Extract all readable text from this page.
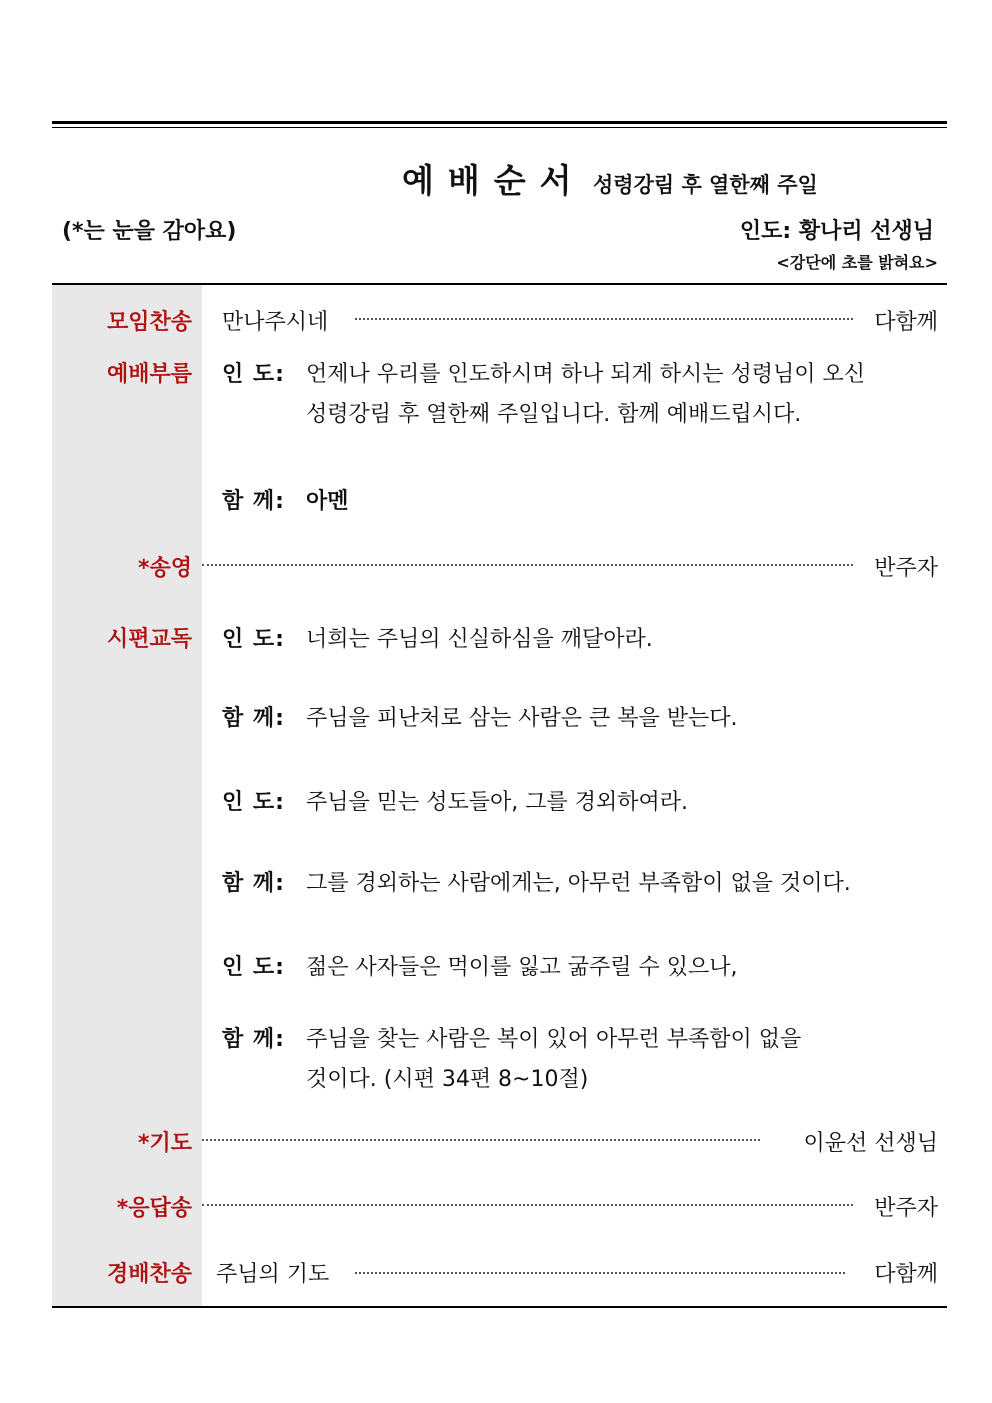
예배순서 성령강림 후 열한째 주일
(*는 눈을 감아요)	인도: 황나리 선생님
<강단에 초를 밝혀요>
모임찬송 만나주시네	다함께
예배부름 인 도: 언제나 우리를 인도하시며 하나 되게 하시는 성령님이 오신
성령강림 후 열한째 주일입니다. 함께 예배드립시다.
함 께: 아멘
*송영	반주자
시편교독 인 도: 너희는 주님의 신실하심을 깨달아라.
함 께: 주님을 피난처로 삼는 사람은 큰 복을 받는다.
인 도: 주님을 믿는 성도들아, 그를 경외하여라.
함 께: 그를 경외하는 사람에게는, 아무런 부족함이 없을 것이다.
인 도: 젊은 사자들은 먹이를 잃고 굶주릴 수 있으나,
함 께: 주님을 찾는 사람은 복이 있어 아무런 부족함이 없을
것이다. (시편 34편 8~10절)
*기도	이윤선 선생님
*응답송	반주자
경배찬송 주님의 기도	다함께
